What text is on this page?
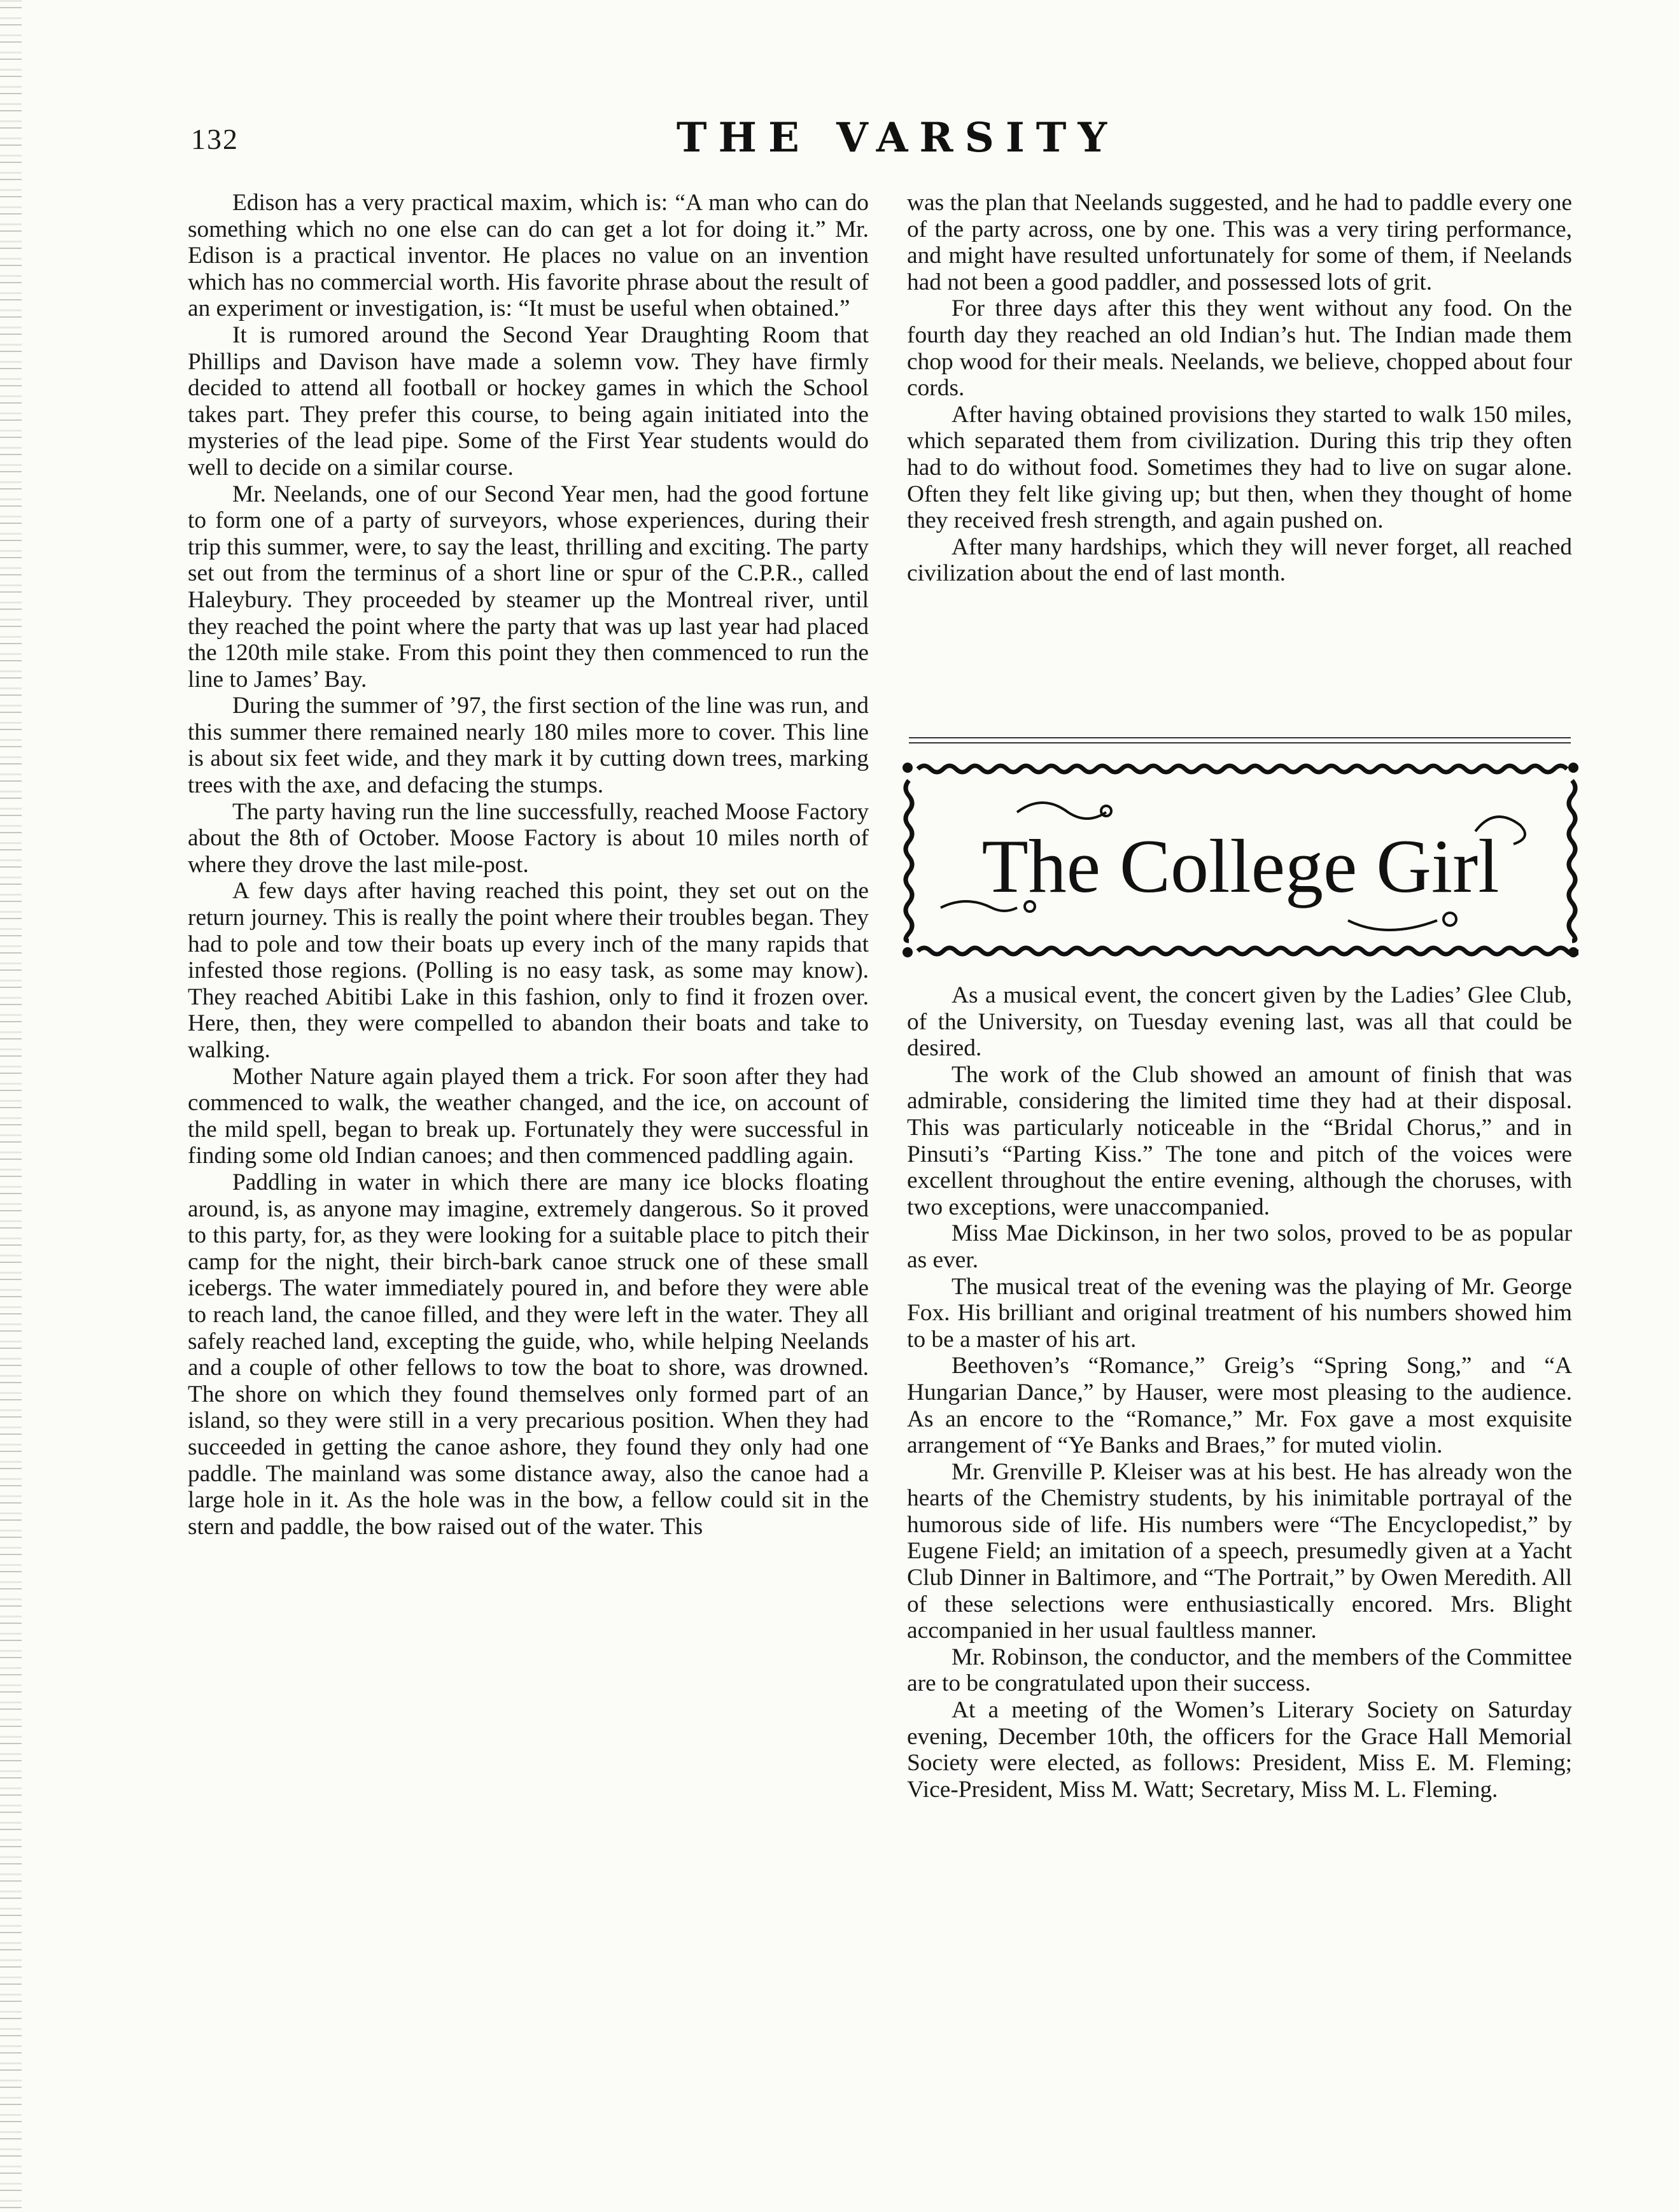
132	THE VARSITY

Edison has a very practical maxim, which is: “A man who can do something which no one else can do can get a lot for doing it.” Mr. Edison is a practical inventor. He places no value on an invention which has no commercial worth. His favorite phrase about the result of an experiment or investigation, is: “It must be useful when obtained.”

It is rumored around the Second Year Draughting Room that Phillips and Davison have made a solemn vow. They have firmly decided to attend all football or hockey games in which the School takes part. They prefer this course, to being again initiated into the mysteries of the lead pipe. Some of the First Year students would do well to decide on a similar course.

Mr. Neelands, one of our Second Year men, had the good fortune to form one of a party of surveyors, whose experiences, during their trip this summer, were, to say the least, thrilling and exciting. The party set out from the terminus of a short line or spur of the C.P.R., called Haleybury. They proceeded by steamer up the Montreal river, until they reached the point where the party that was up last year had placed the 120th mile stake. From this point they then commenced to run the line to James’ Bay.

During the summer of ’97, the first section of the line was run, and this summer there remained nearly 180 miles more to cover. This line is about six feet wide, and they mark it by cutting down trees, marking trees with the axe, and defacing the stumps.

The party having run the line successfully, reached Moose Factory about the 8th of October. Moose Factory is about 10 miles north of where they drove the last mile-post.

A few days after having reached this point, they set out on the return journey. This is really the point where their troubles began. They had to pole and tow their boats up every inch of the many rapids that infested those regions. (Polling is no easy task, as some may know). They reached Abitibi Lake in this fashion, only to find it frozen over. Here, then, they were compelled to abandon their boats and take to walking.

Mother Nature again played them a trick. For soon after they had commenced to walk, the weather changed, and the ice, on account of the mild spell, began to break up. Fortunately they were successful in finding some old Indian canoes; and then commenced paddling again.

Paddling in water in which there are many ice blocks floating around, is, as anyone may imagine, extremely dangerous. So it proved to this party, for, as they were looking for a suitable place to pitch their camp for the night, their birch-bark canoe struck one of these small icebergs. The water immediately poured in, and before they were able to reach land, the canoe filled, and they were left in the water. They all safely reached land, excepting the guide, who, while helping Neelands and a couple of other fellows to tow the boat to shore, was drowned. The shore on which they found themselves only formed part of an island, so they were still in a very precarious position. When they had succeeded in getting the canoe ashore, they found they only had one paddle. The mainland was some distance away, also the canoe had a large hole in it. As the hole was in the bow, a fellow could sit in the stern and paddle, the bow raised out of the water. This

was the plan that Neelands suggested, and he had to paddle every one of the party across, one by one. This was a very tiring performance, and might have resulted unfortunately for some of them, if Neelands had not been a good paddler, and possessed lots of grit.

For three days after this they went without any food. On the fourth day they reached an old Indian’s hut. The Indian made them chop wood for their meals. Neelands, we believe, chopped about four cords.

After having obtained provisions they started to walk 150 miles, which separated them from civilization. During this trip they often had to do without food. Sometimes they had to live on sugar alone. Often they felt like giving up; but then, when they thought of home they received fresh strength, and again pushed on.

After many hardships, which they will never forget, all reached civilization about the end of last month.

The College Girl

As a musical event, the concert given by the Ladies’ Glee Club, of the University, on Tuesday evening last, was all that could be desired.

The work of the Club showed an amount of finish that was admirable, considering the limited time they had at their disposal. This was particularly noticeable in the “Bridal Chorus,” and in Pinsuti’s “Parting Kiss.” The tone and pitch of the voices were excellent throughout the entire evening, although the choruses, with two exceptions, were unaccompanied.

Miss Mae Dickinson, in her two solos, proved to be as popular as ever.

The musical treat of the evening was the playing of Mr. George Fox. His brilliant and original treatment of his numbers showed him to be a master of his art.

Beethoven’s “Romance,” Greig’s “Spring Song,” and “A Hungarian Dance,” by Hauser, were most pleasing to the audience. As an encore to the “Romance,” Mr. Fox gave a most exquisite arrangement of “Ye Banks and Braes,” for muted violin.

Mr. Grenville P. Kleiser was at his best. He has already won the hearts of the Chemistry students, by his inimitable portrayal of the humorous side of life. His numbers were “The Encyclopedist,” by Eugene Field; an imitation of a speech, presumedly given at a Yacht Club Dinner in Baltimore, and “The Portrait,” by Owen Meredith. All of these selections were enthusiastically encored. Mrs. Blight accompanied in her usual faultless manner.

Mr. Robinson, the conductor, and the members of the Committee are to be congratulated upon their success.

At a meeting of the Women’s Literary Society on Saturday evening, December 10th, the officers for the Grace Hall Memorial Society were elected, as follows: President, Miss E. M. Fleming; Vice-President, Miss M. Watt; Secretary, Miss M. L. Fleming.
